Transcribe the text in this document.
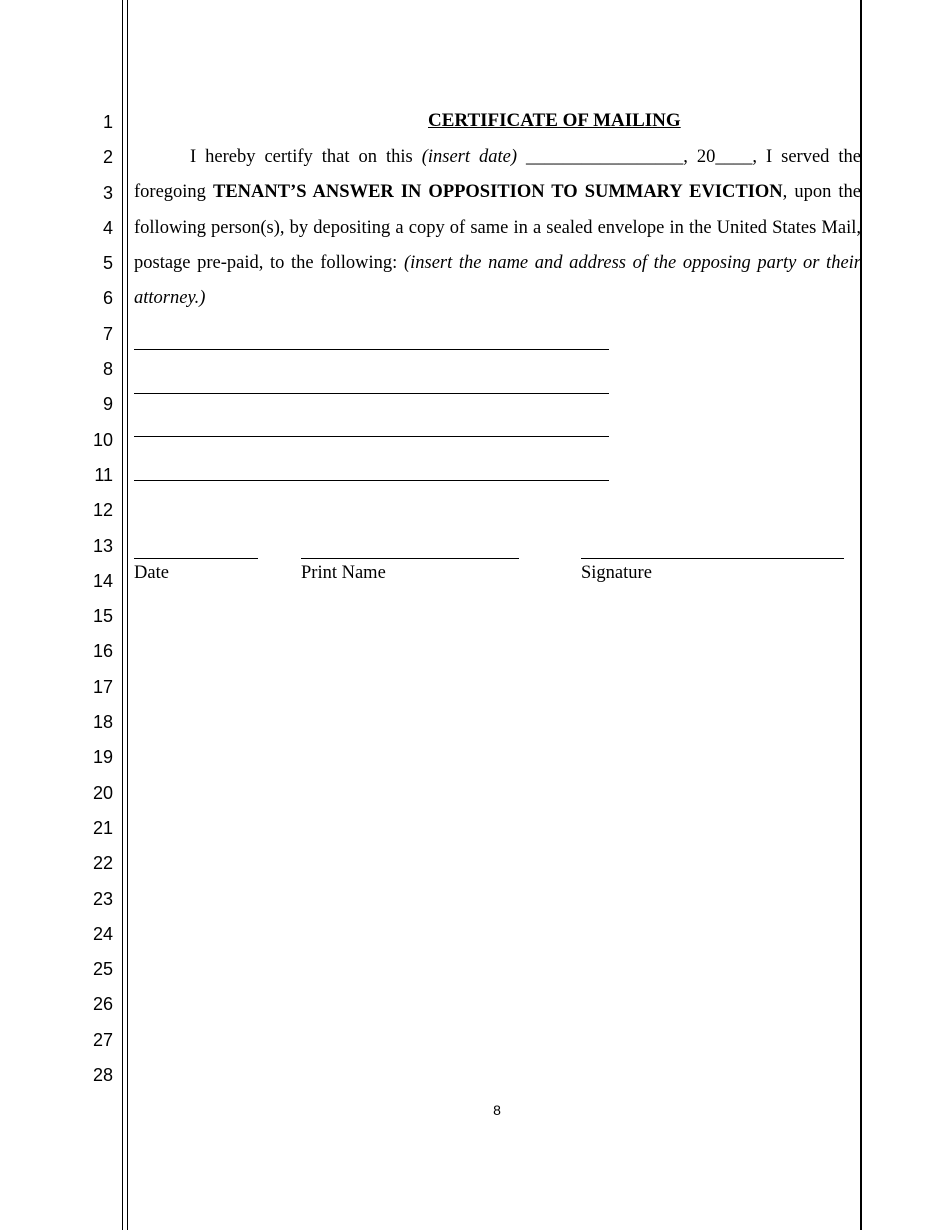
1
2
3
4
5
6
7
8
9
10
11
12
13
14
15
16
17
18
19
20
21
22
23
24
25
26
27
28
CERTIFICATE OF MAILING

I hereby certify that on this (insert date) _________________, 20____, I served the foregoing TENANT’S ANSWER IN OPPOSITION TO SUMMARY EVICTION, upon the following person(s), by depositing a copy of same in a sealed envelope in the United States Mail, postage pre-paid, to the following: (insert the name and address of the opposing party or their attorney.)

Date	Print Name	Signature
8
